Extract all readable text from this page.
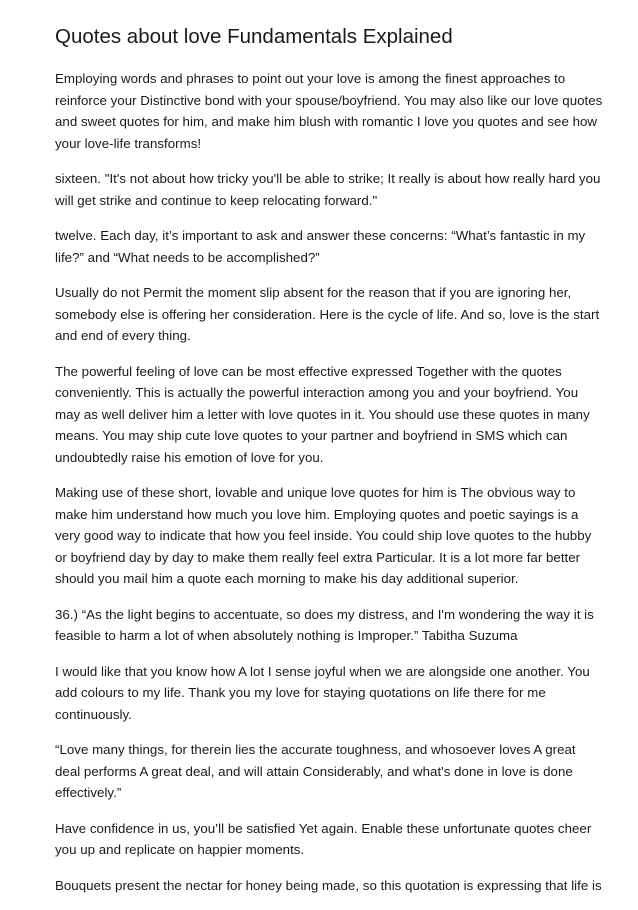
Quotes about love Fundamentals Explained

Employing words and phrases to point out your love is among the finest approaches to
reinforce your Distinctive bond with your spouse/boyfriend. You may also like our love quotes
and sweet quotes for him, and make him blush with romantic I love you quotes and see how
your love-life transforms!

sixteen. "It's not about how tricky you'll be able to strike; It really is about how really hard you
will get strike and continue to keep relocating forward."

twelve. Each day, it’s important to ask and answer these concerns: “What’s fantastic in my
life?” and “What needs to be accomplished?”

Usually do not Permit the moment slip absent for the reason that if you are ignoring her,
somebody else is offering her consideration. Here is the cycle of life. And so, love is the start
and end of every thing.

The powerful feeling of love can be most effective expressed Together with the quotes
conveniently. This is actually the powerful interaction among you and your boyfriend. You
may as well deliver him a letter with love quotes in it. You should use these quotes in many
means. You may ship cute love quotes to your partner and boyfriend in SMS which can
undoubtedly raise his emotion of love for you.

Making use of these short, lovable and unique love quotes for him is The obvious way to
make him understand how much you love him. Employing quotes and poetic sayings is a
very good way to indicate that how you feel inside. You could ship love quotes to the hubby
or boyfriend day by day to make them really feel extra Particular. It is a lot more far better
should you mail him a quote each morning to make his day additional superior.

36.) “As the light begins to accentuate, so does my distress, and I'm wondering the way it is
feasible to harm a lot of when absolutely nothing is Improper.” Tabitha Suzuma

I would like that you know how A lot I sense joyful when we are alongside one another. You
add colours to my life. Thank you my love for staying quotations on life there for me
continuously.

“Love many things, for therein lies the accurate toughness, and whosoever loves A great
deal performs A great deal, and will attain Considerably, and what's done in love is done
effectively.”

Have confidence in us, you’ll be satisfied Yet again. Enable these unfortunate quotes cheer
you up and replicate on happier moments.

Bouquets present the nectar for honey being made, so this quotation is expressing that life is
